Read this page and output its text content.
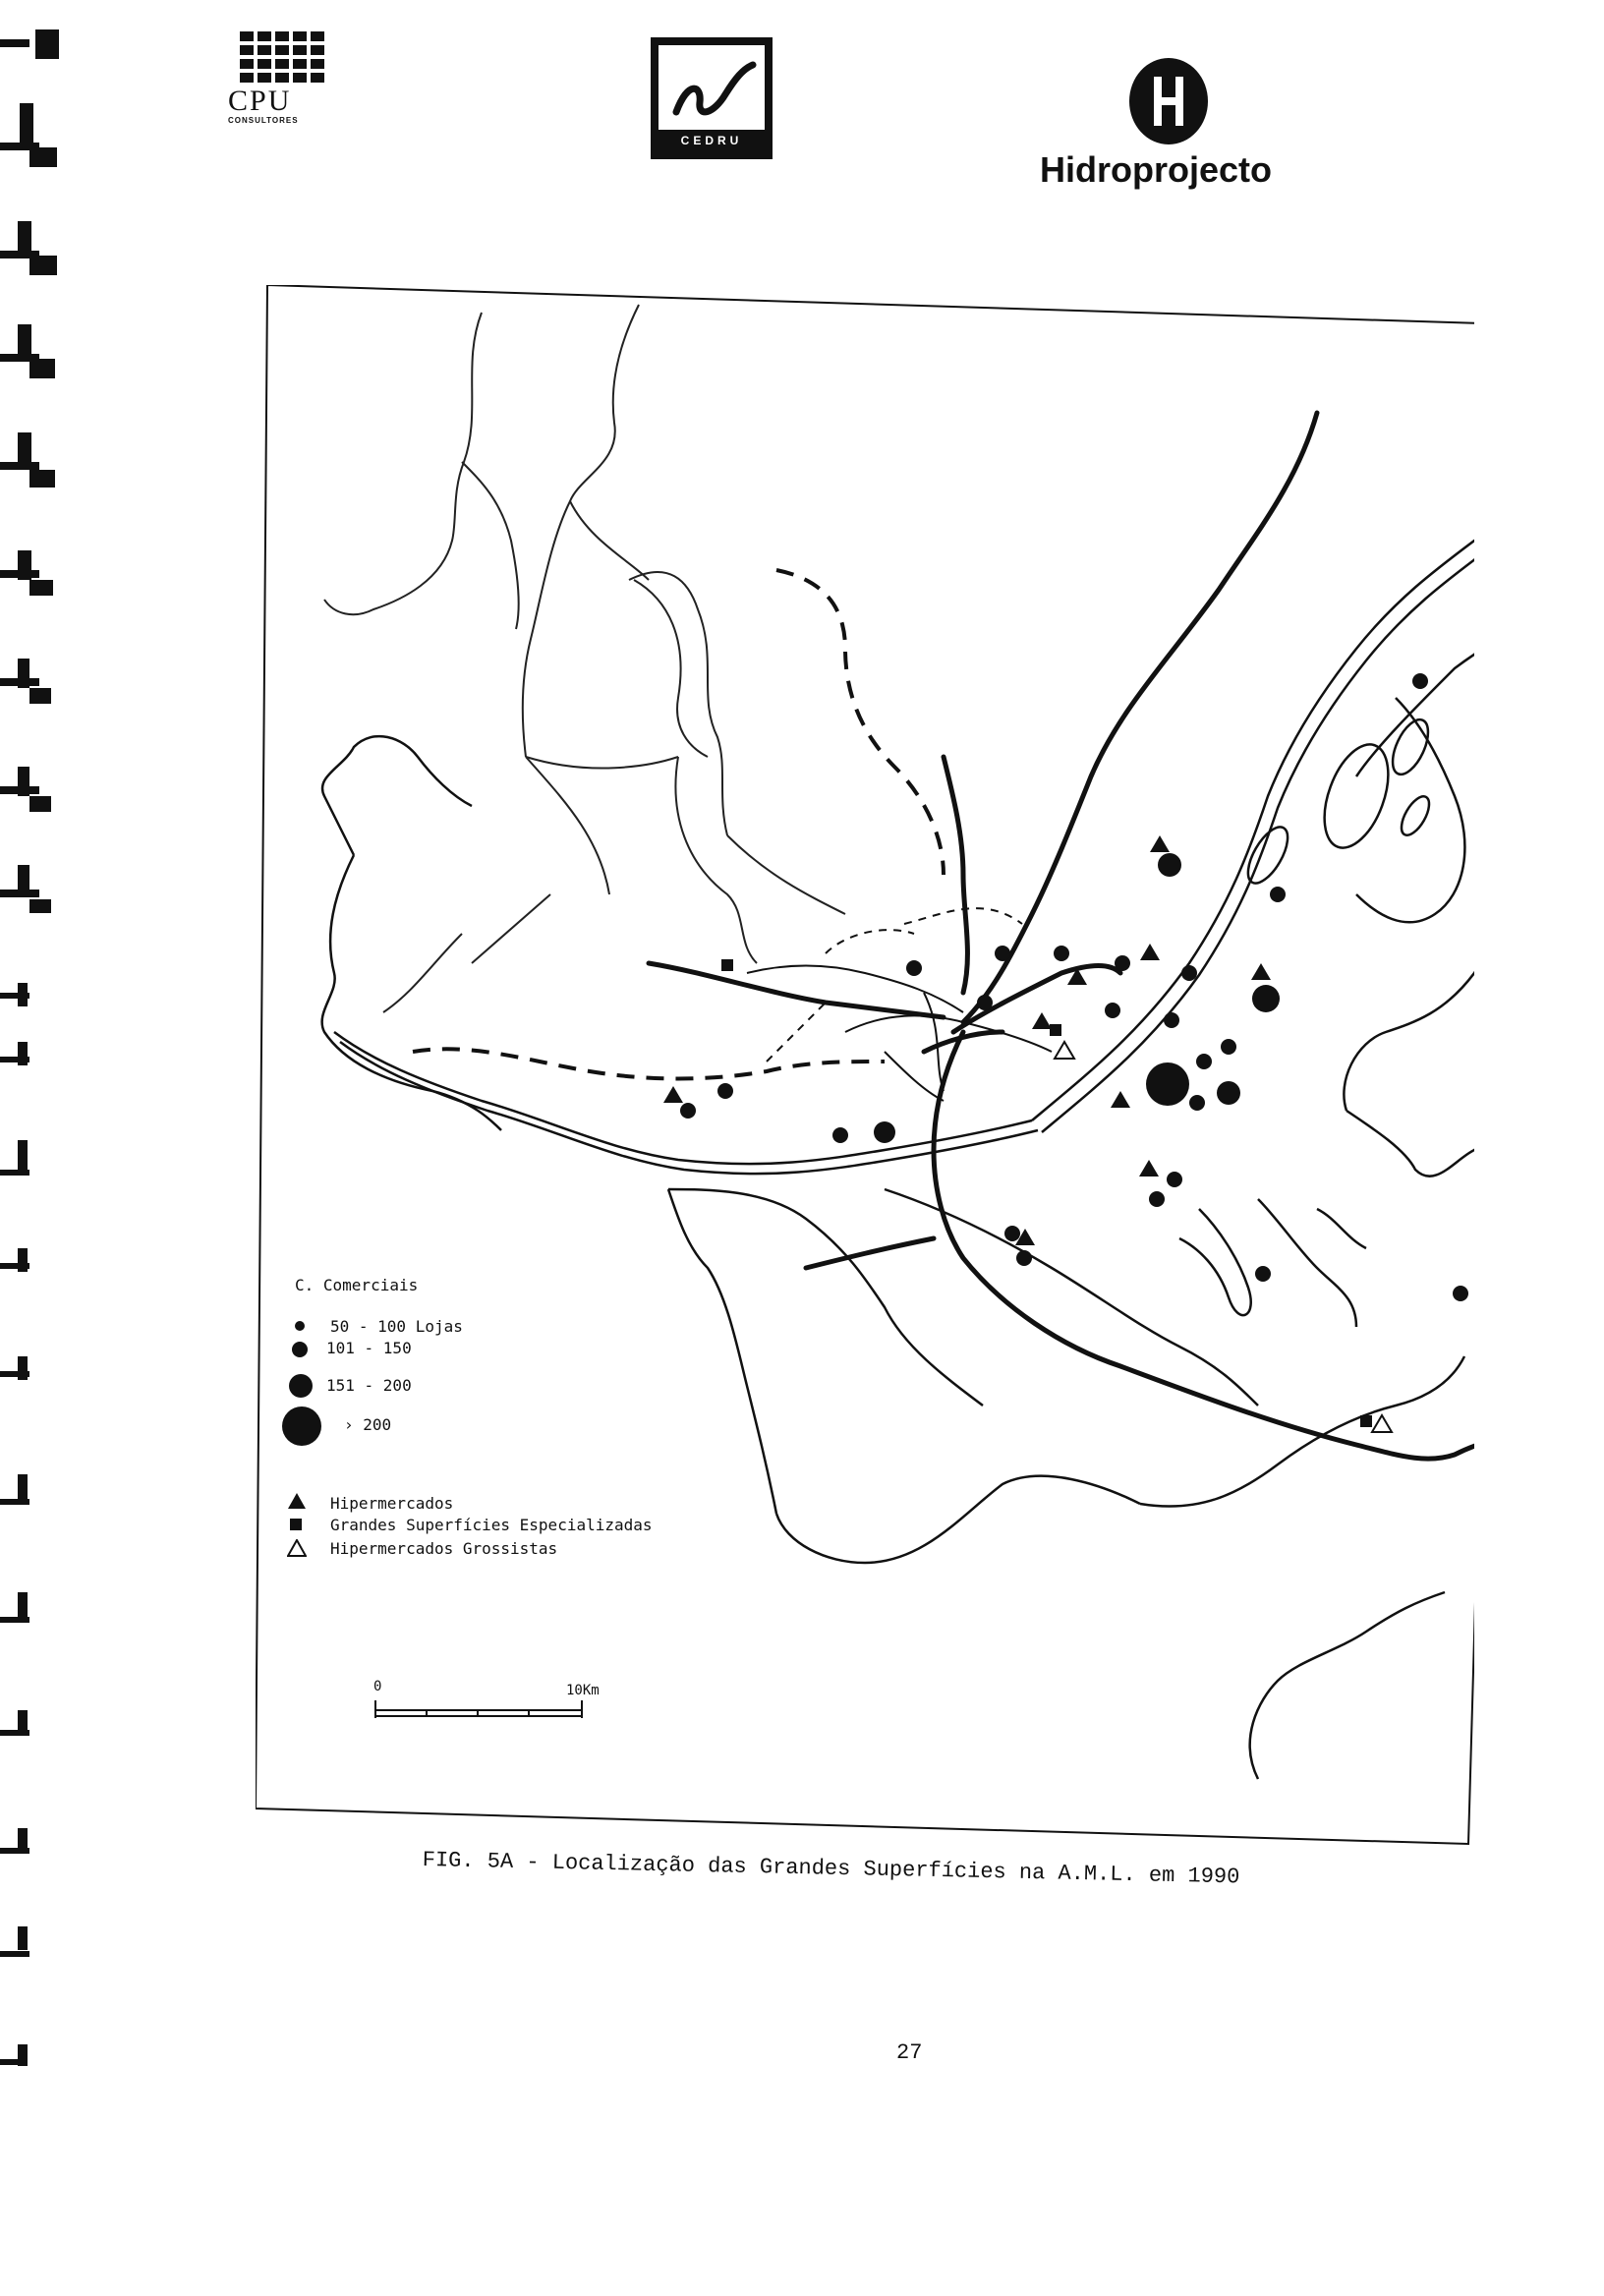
CPU
CONSULTORES
CEDRU
Hidroprojecto
C. Comerciais
50 - 100 Lojas
101 - 150
151 - 200
› 200
Hipermercados
Grandes Superfícies Especializadas
Hipermercados Grossistas
0	10Km
FIG. 5A - Localização das Grandes Superfícies na A.M.L. em 1990
27
